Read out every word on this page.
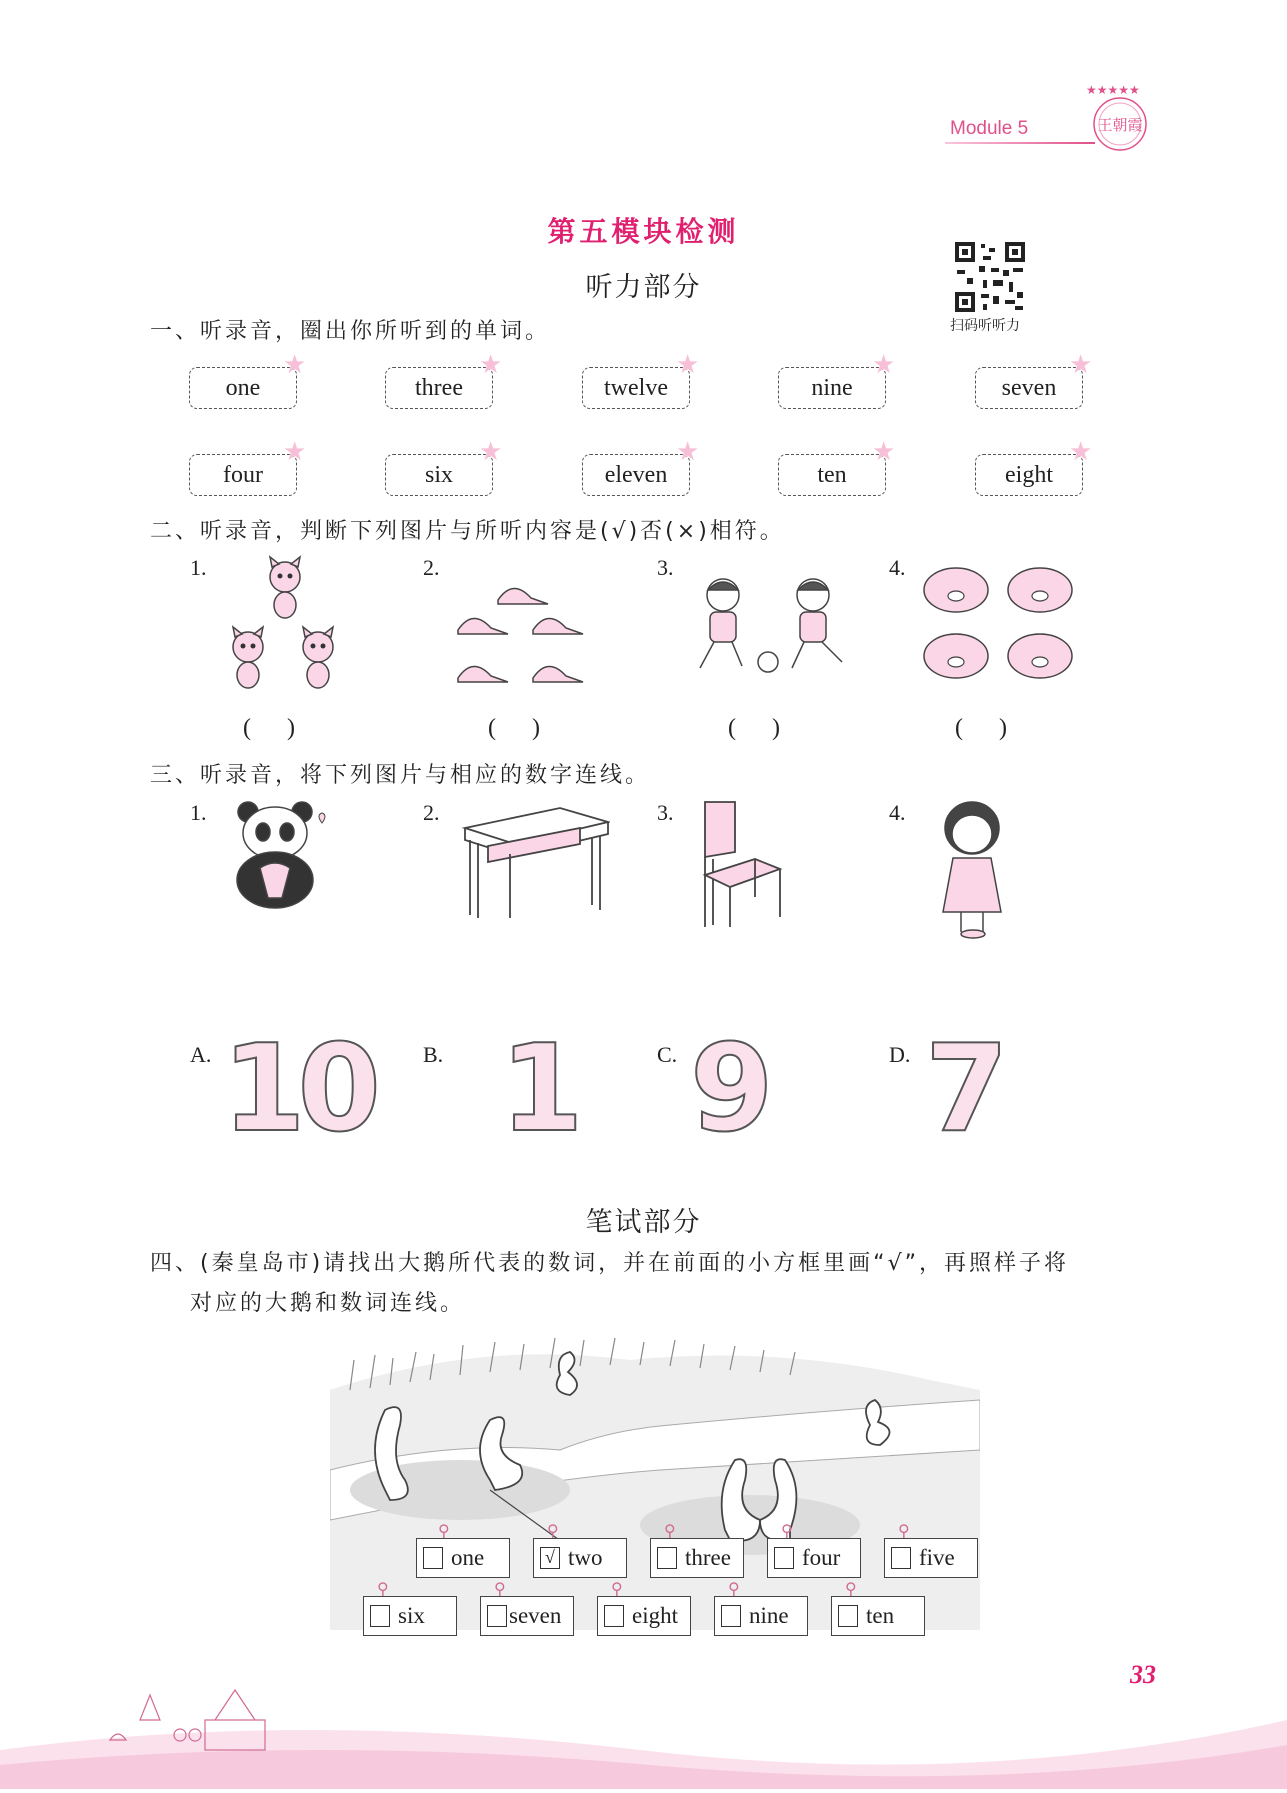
★★★★★
王朝霞
Module 5
第五模块检测
听力部分
扫码听听力
一、听录音，圈出你所听到的单词。
one	three	twelve	nine	seven
four	six	eleven	ten	eight
★	★	★	★	★
★	★	★	★	★
二、听录音，判断下列图片与所听内容是(√)否(×)相符。
1.	2.	3.	4.
(      )	(      )	(      )	(      )
三、听录音，将下列图片与相应的数字连线。
1.	2.	3.	4.
A.	B.	C.	D.
10 1 9 7
笔试部分
四、(秦皇岛市)请找出大鹅所代表的数词，并在前面的小方框里画“√”，再照样子将
对应的大鹅和数词连线。
one	√ two	three	four	five
six	seven	eight	nine	ten
⚲	⚲	⚲	⚲	⚲
⚲	⚲	⚲	⚲	⚲
33
